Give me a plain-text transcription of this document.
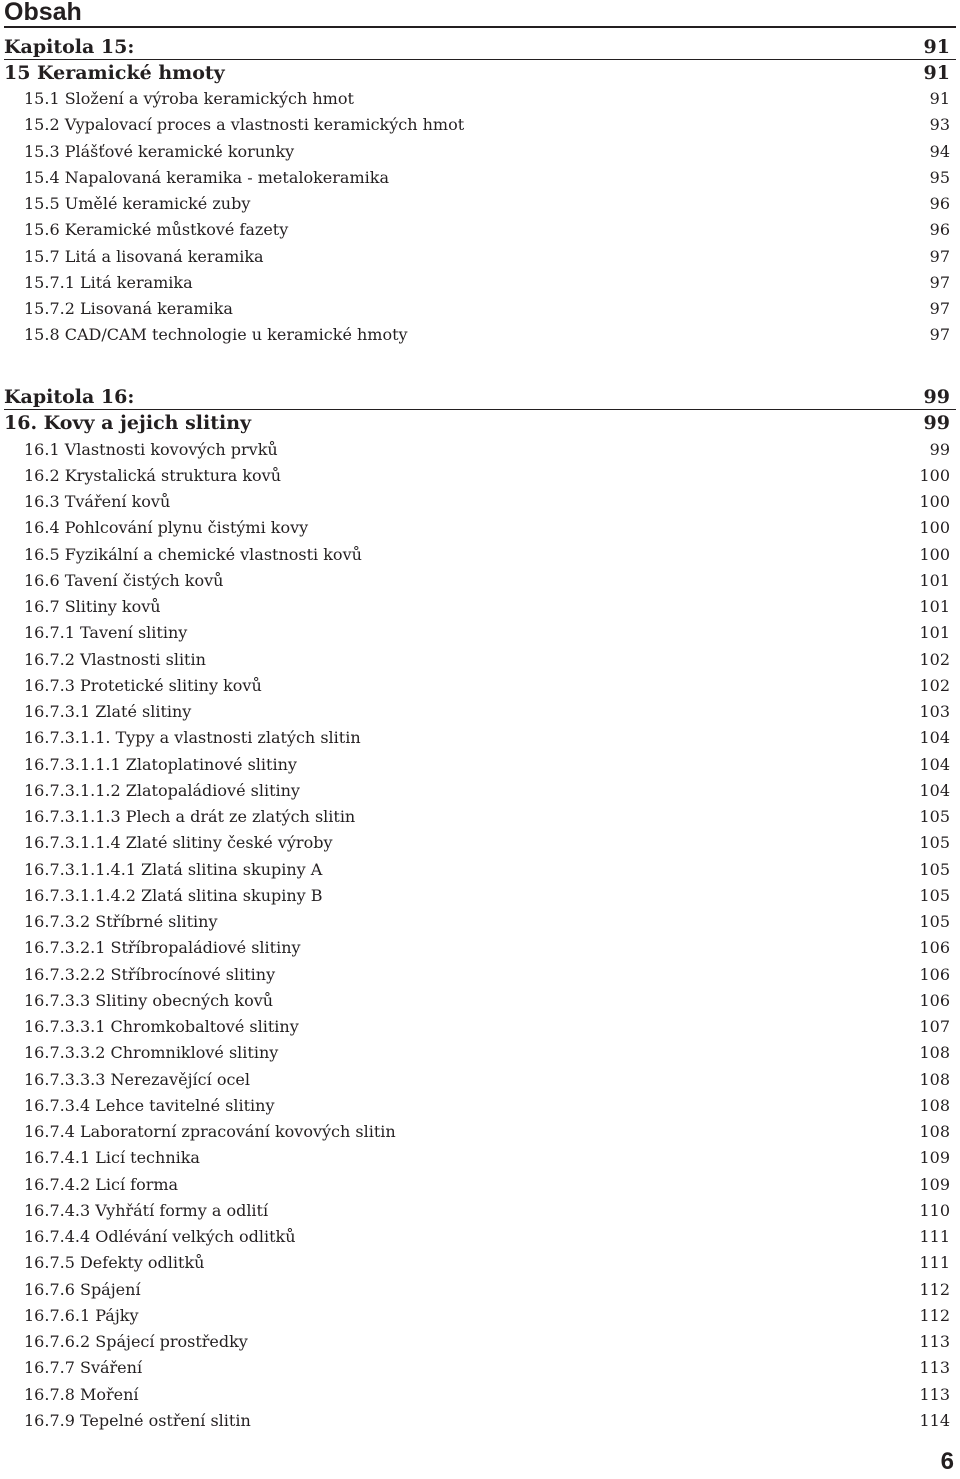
Obsah
Kapitola 15:	91
15 Keramické hmoty	91
15.1 Složení a výroba keramických hmot	91
15.2 Vypalovací proces a vlastnosti keramických hmot	93
15.3 Plášťové keramické korunky	94
15.4 Napalovaná keramika - metalokeramika	95
15.5 Umělé keramické zuby	96
15.6 Keramické můstkové fazety	96
15.7 Litá a lisovaná keramika	97
15.7.1 Litá keramika	97
15.7.2 Lisovaná keramika	97
15.8 CAD/CAM technologie u keramické hmoty	97
Kapitola 16:	99
16. Kovy a jejich slitiny	99
16.1 Vlastnosti kovových prvků	99
16.2 Krystalická struktura kovů	100
16.3 Tváření kovů	100
16.4 Pohlcování plynu čistými kovy	100
16.5 Fyzikální a chemické vlastnosti kovů	100
16.6 Tavení čistých kovů	101
16.7 Slitiny kovů	101
16.7.1 Tavení slitiny	101
16.7.2 Vlastnosti slitin	102
16.7.3 Protetické slitiny kovů	102
16.7.3.1 Zlaté slitiny	103
16.7.3.1.1. Typy a vlastnosti zlatých slitin	104
16.7.3.1.1.1 Zlatoplatinové slitiny	104
16.7.3.1.1.2 Zlatopaládiové slitiny	104
16.7.3.1.1.3 Plech a drát ze zlatých slitin	105
16.7.3.1.1.4 Zlaté slitiny české výroby	105
16.7.3.1.1.4.1 Zlatá slitina skupiny A	105
16.7.3.1.1.4.2 Zlatá slitina skupiny B	105
16.7.3.2 Stříbrné slitiny	105
16.7.3.2.1 Stříbropaládiové slitiny	106
16.7.3.2.2 Stříbrocínové slitiny	106
16.7.3.3 Slitiny obecných kovů	106
16.7.3.3.1 Chromkobaltové slitiny	107
16.7.3.3.2 Chromniklové slitiny	108
16.7.3.3.3 Nerezavějící ocel	108
16.7.3.4 Lehce tavitelné slitiny	108
16.7.4 Laboratorní zpracování kovových slitin	108
16.7.4.1 Licí technika	109
16.7.4.2 Licí forma	109
16.7.4.3 Vyhřátí formy a odlití	110
16.7.4.4 Odlévání velkých odlitků	111
16.7.5 Defekty odlitků	111
16.7.6 Spájení	112
16.7.6.1 Pájky	112
16.7.6.2 Spájecí prostředky	113
16.7.7 Sváření	113
16.7.8 Moření	113
16.7.9 Tepelné ostření slitin	114
6
